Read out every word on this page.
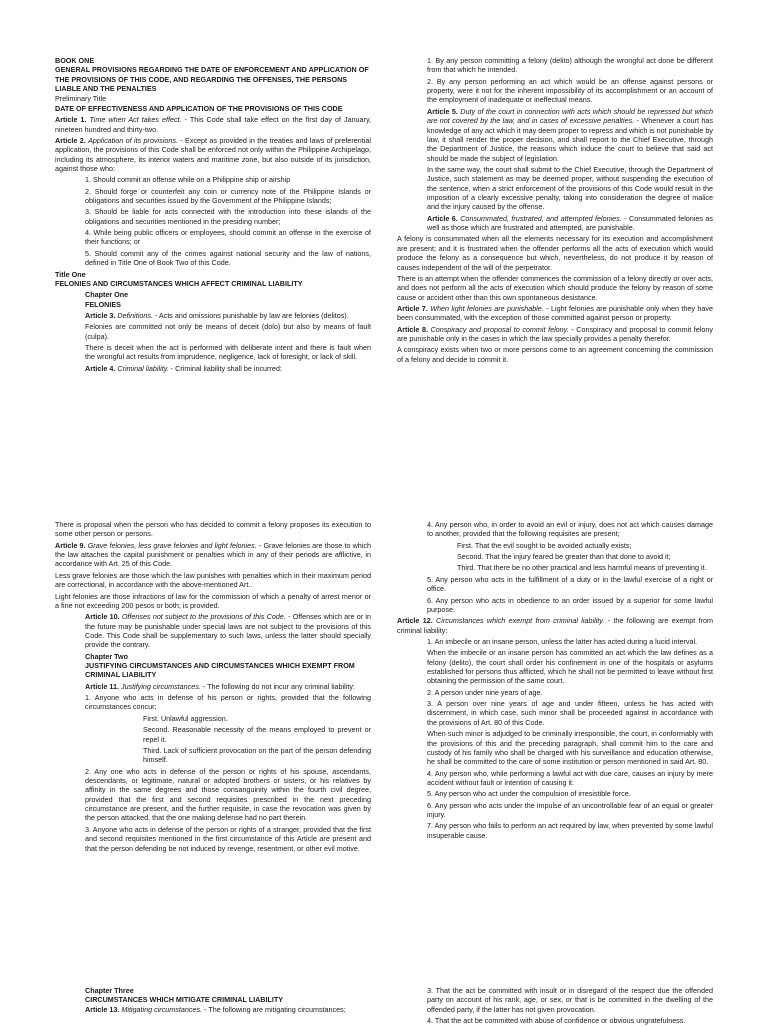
BOOK ONE
GENERAL PROVISIONS REGARDING THE DATE OF ENFORCEMENT AND APPLICATION OF THE PROVISIONS OF THIS CODE, AND REGARDING THE OFFENSES, THE PERSONS LIABLE AND THE PENALTIES
Preliminary Title
DATE OF EFFECTIVENESS AND APPLICATION OF THE PROVISIONS OF THIS CODE

Article 1. Time when Act takes effect. - This Code shall take effect on the first day of January, nineteen hundred and thirty-two.

Article 2. Application of its provisions. - Except as provided in the treaties and laws of preferential application, the provisions of this Code shall be enforced not only within the Philippine Archipelago, including its atmosphere, its interior waters and maritime zone, but also outside of its jurisdiction, against those who:

1. Should commit an offense while on a Philippine ship or airship

2. Should forge or counterfeit any coin or currency note of the Philippine Islands or obligations and securities issued by the Government of the Philippine Islands;

3. Should be liable for acts connected with the introduction into these islands of the obligations and securities mentioned in the presiding number;

4. While being public officers or employees, should commit an offense in the exercise of their functions; or

5. Should commit any of the crimes against national security and the law of nations, defined in Title One of Book Two of this Code.

Title One
FELONIES AND CIRCUMSTANCES WHICH AFFECT CRIMINAL LIABILITY
Chapter One
FELONIES

Article 3. Definitions. - Acts and omissions punishable by law are felonies (delitos).

Felonies are committed not only be means of deceit (dolo) but also by means of fault (culpa).

There is deceit when the act is performed with deliberate intent and there is fault when the wrongful act results from imprudence, negligence, lack of foresight, or lack of skill.

Article 4. Criminal liability. - Criminal liability shall be incurred:

1. By any person committing a felony (delito) although the wrongful act done be different from that which he intended.

2. By any person performing an act which would be an offense against persons or property, were it not for the inherent impossibility of its accomplishment or an account of the employment of inadequate or ineffectual means.

Article 5. Duty of the court in connection with acts which should be repressed but which are not covered by the law, and in cases of excessive penalties. - Whenever a court has knowledge of any act which it may deem proper to repress and which is not punishable by law, it shall render the proper decision, and shall report to the Chief Executive, through the Department of Justice, the reasons which induce the court to believe that said act should be made the subject of legislation.

In the same way, the court shall submit to the Chief Executive, through the Department of Justice, such statement as may be deemed proper, without suspending the execution of the sentence, when a strict enforcement of the provisions of this Code would result in the imposition of a clearly excessive penalty, taking into consideration the degree of malice and the injury caused by the offense.

Article 6. Consummated, frustrated, and attempted felonies. - Consummated felonies as well as those which are frustrated and attempted, are punishable.

A felony is consummated when all the elements necessary for its execution and accomplishment are present; and it is frustrated when the offender performs all the acts of execution which would produce the felony as a consequence but which, nevertheless, do not produce it by reason of causes independent of the will of the perpetrator.

There is an attempt when the offender commences the commission of a felony directly or over acts, and does not perform all the acts of execution which should produce the felony by reason of some cause or accident other than this own spontaneous desistance.

Article 7. When light felonies are punishable. - Light felonies are punishable only when they have been consummated, with the exception of those committed against person or property.

Article 8. Conspiracy and proposal to commit felony. - Conspiracy and proposal to commit felony are punishable only in the cases in which the law specially provides a penalty therefor.

A conspiracy exists when two or more persons come to an agreement concerning the commission of a felony and decide to commit it.

There is proposal when the person who has decided to commit a felony proposes its execution to some other person or persons.

Article 9. Grave felonies, less grave felonies and light felonies. - Grave felonies are those to which the law attaches the capital punishment or penalties which in any of their periods are afflictive, in accordance with Art. 25 of this Code.

Less grave felonies are those which the law punishes with penalties which in their maximum period are correctional, in accordance with the above-mentioned Art..

Light felonies are those infractions of law for the commission of which a penalty of arrest menor or a fine not exceeding 200 pesos or both; is provided.

Article 10. Offenses not subject to the provisions of this Code. - Offenses which are or in the future may be punishable under special laws are not subject to the provisions of this Code. This Code shall be supplementary to such laws, unless the latter should specially provide the contrary.

Chapter Two
JUSTIFYING CIRCUMSTANCES AND CIRCUMSTANCES WHICH EXEMPT FROM CRIMINAL LIABILITY

Article 11. Justifying circumstances. - The following do not incur any criminal liability:

1. Anyone who acts in defense of his person or rights, provided that the following circumstances concur;

First. Unlawful aggression.

Second. Reasonable necessity of the means employed to prevent or repel it.

Third. Lack of sufficient provocation on the part of the person defending himself.

2. Any one who acts in defense of the person or rights of his spouse, ascendants, descendants, or legitimate, natural or adopted brothers or sisters, or his relatives by affinity in the same degrees and those consanguinity within the fourth civil degree, provided that the first and second requisites prescribed in the next preceding circumstance are present, and the further requisite, in case the revocation was given by the person attacked, that the one making defense had no part therein.

3. Anyone who acts in defense of the person or rights of a stranger, provided that the first and second requisites mentioned in the first circumstance of this Article are present and that the person defending be not induced by revenge, resentment, or other evil motive.

4. Any person who, in order to avoid an evil or injury, does not act which causes damage to another, provided that the following requisites are present;

First. That the evil sought to be avoided actually exists;

Second. That the injury feared be greater than that done to avoid it;

Third. That there be no other practical and less harmful means of preventing it.

5. Any person who acts in the fulfillment of a duty or in the lawful exercise of a right or office.

6. Any person who acts in obedience to an order issued by a superior for some lawful purpose.

Article 12. Circumstances which exempt from criminal liability. - the following are exempt from criminal liability:

1. An imbecile or an insane person, unless the latter has acted during a lucid interval.

When the imbecile or an insane person has committed an act which the law defines as a felony (delito), the court shall order his confinement in one of the hospitals or asylums established for persons thus afflicted, which he shall not be permitted to leave without first obtaining the permission of the same court.

2. A person under nine years of age.

3. A person over nine years of age and under fifteen, unless he has acted with discernment, in which case, such minor shall be proceeded against in accordance with the provisions of Art. 80 of this Code.

When such minor is adjudged to be criminally irresponsible, the court, in conformably with the provisions of this and the preceding paragraph, shall commit him to the care and custody of his family who shall be charged with his surveillance and education otherwise, he shall be committed to the care of some institution or person mentioned in said Art. 80.

4. Any person who, while performing a lawful act with due care, causes an injury by mere accident without fault or intention of causing it.

5. Any person who act under the compulsion of irresistible force.

6. Any person who acts under the impulse of an uncontrollable fear of an equal or greater injury.

7. Any person who fails to perform an act required by law, when prevented by some lawful insuperable cause.

Chapter Three
CIRCUMSTANCES WHICH MITIGATE CRIMINAL LIABILITY

Article 13. Mitigating circumstances. - The following are mitigating circumstances;

3. That the act be committed with insult or in disregard of the respect due the offended party on account of his rank, age, or sex, or that is be committed in the dwelling of the offended party, if the latter has not given provocation.

4. That the act be committed with abuse of confidence or obvious ungratefulness.
